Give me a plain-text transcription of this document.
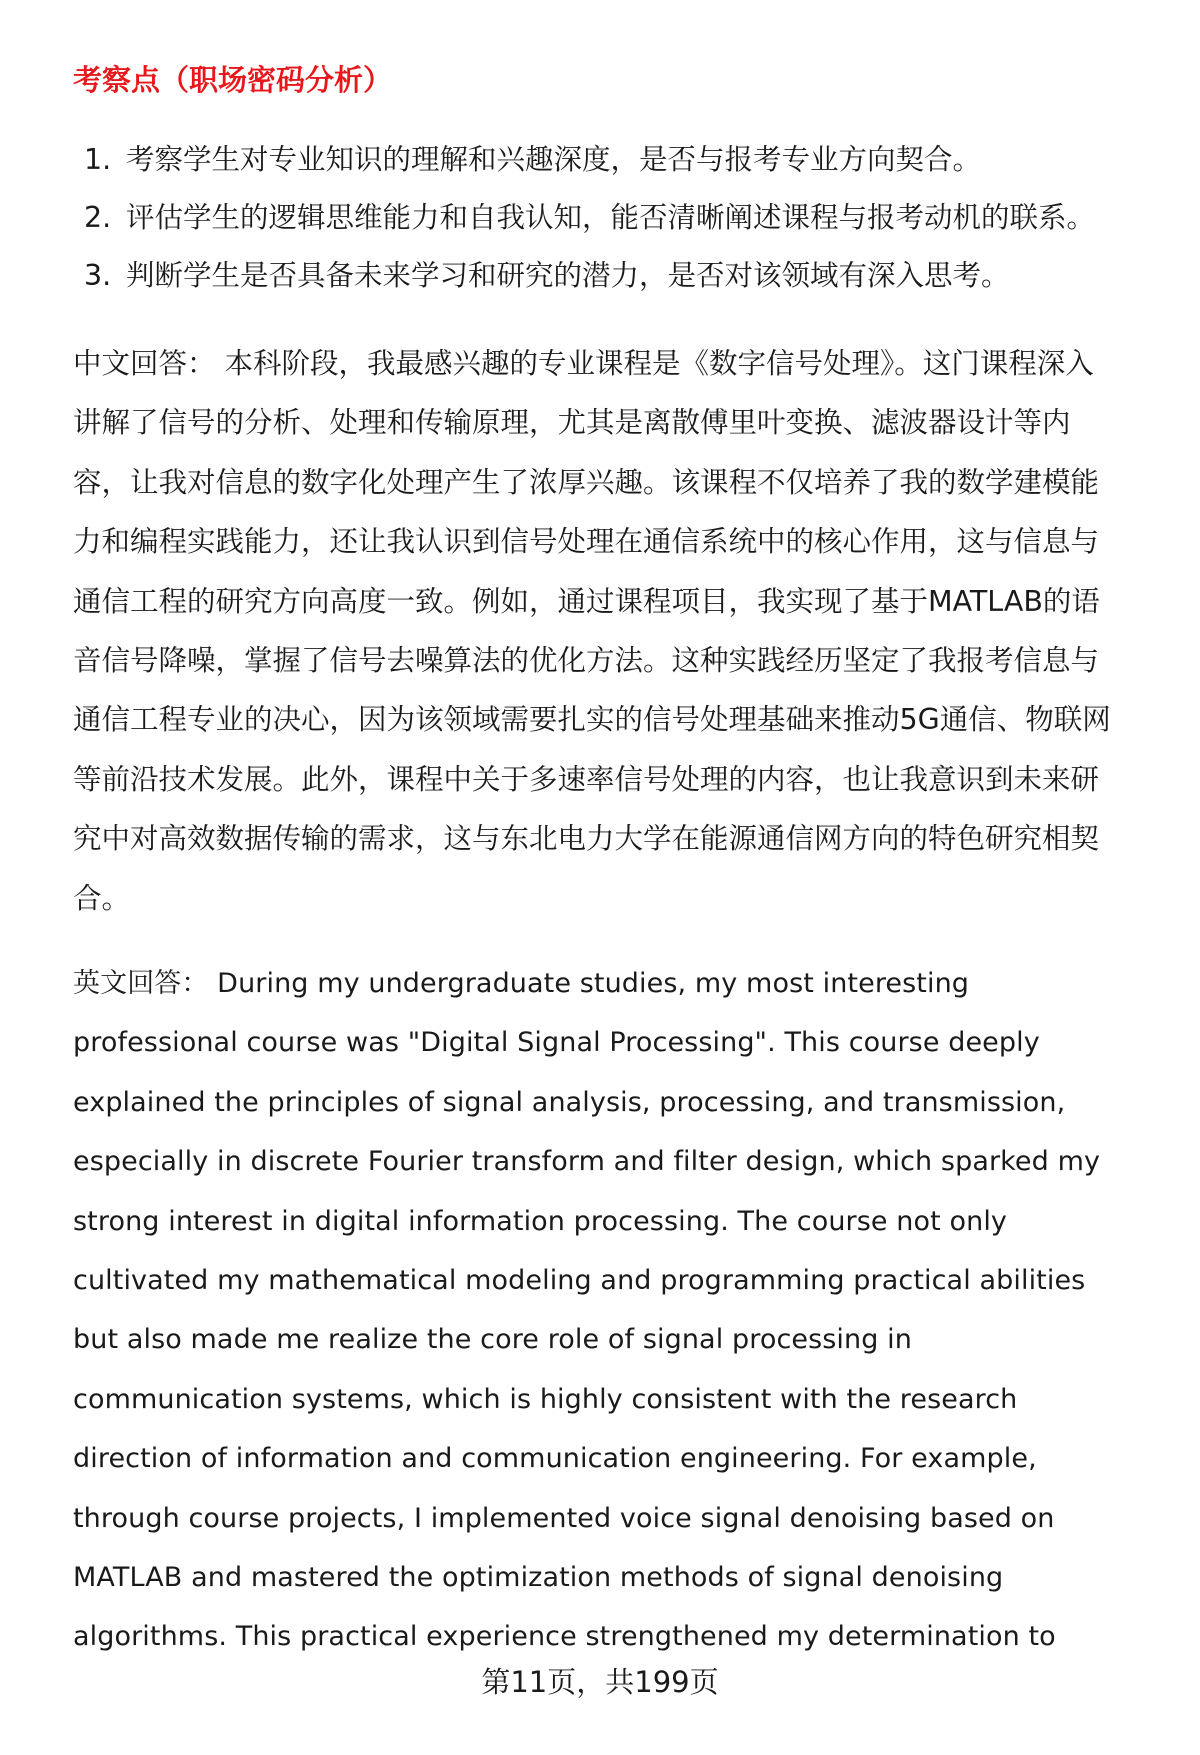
考察点（职场密码分析）
1. 考察学生对专业知识的理解和兴趣深度，是否与报考专业方向契合。
2. 评估学生的逻辑思维能力和自我认知，能否清晰阐述课程与报考动机的联系。
3. 判断学生是否具备未来学习和研究的潜力，是否对该领域有深入思考。
中文回答： 本科阶段，我最感兴趣的专业课程是《数字信号处理》。这门课程深入
讲解了信号的分析、处理和传输原理，尤其是离散傅里叶变换、滤波器设计等内
容，让我对信息的数字化处理产生了浓厚兴趣。该课程不仅培养了我的数学建模能
力和编程实践能力，还让我认识到信号处理在通信系统中的核心作用，这与信息与
通信工程的研究方向高度一致。例如，通过课程项目，我实现了基于MATLAB的语
音信号降噪，掌握了信号去噪算法的优化方法。这种实践经历坚定了我报考信息与
通信工程专业的决心，因为该领域需要扎实的信号处理基础来推动5G通信、物联网
等前沿技术发展。此外，课程中关于多速率信号处理的内容，也让我意识到未来研
究中对高效数据传输的需求，这与东北电力大学在能源通信网方向的特色研究相契
合。
英文回答： During my undergraduate studies, my most interesting
professional course was "Digital Signal Processing". This course deeply
explained the principles of signal analysis, processing, and transmission,
especially in discrete Fourier transform and filter design, which sparked my
strong interest in digital information processing. The course not only
cultivated my mathematical modeling and programming practical abilities
but also made me realize the core role of signal processing in
communication systems, which is highly consistent with the research
direction of information and communication engineering. For example,
through course projects, I implemented voice signal denoising based on
MATLAB and mastered the optimization methods of signal denoising
algorithms. This practical experience strengthened my determination to
第11页，共199页
